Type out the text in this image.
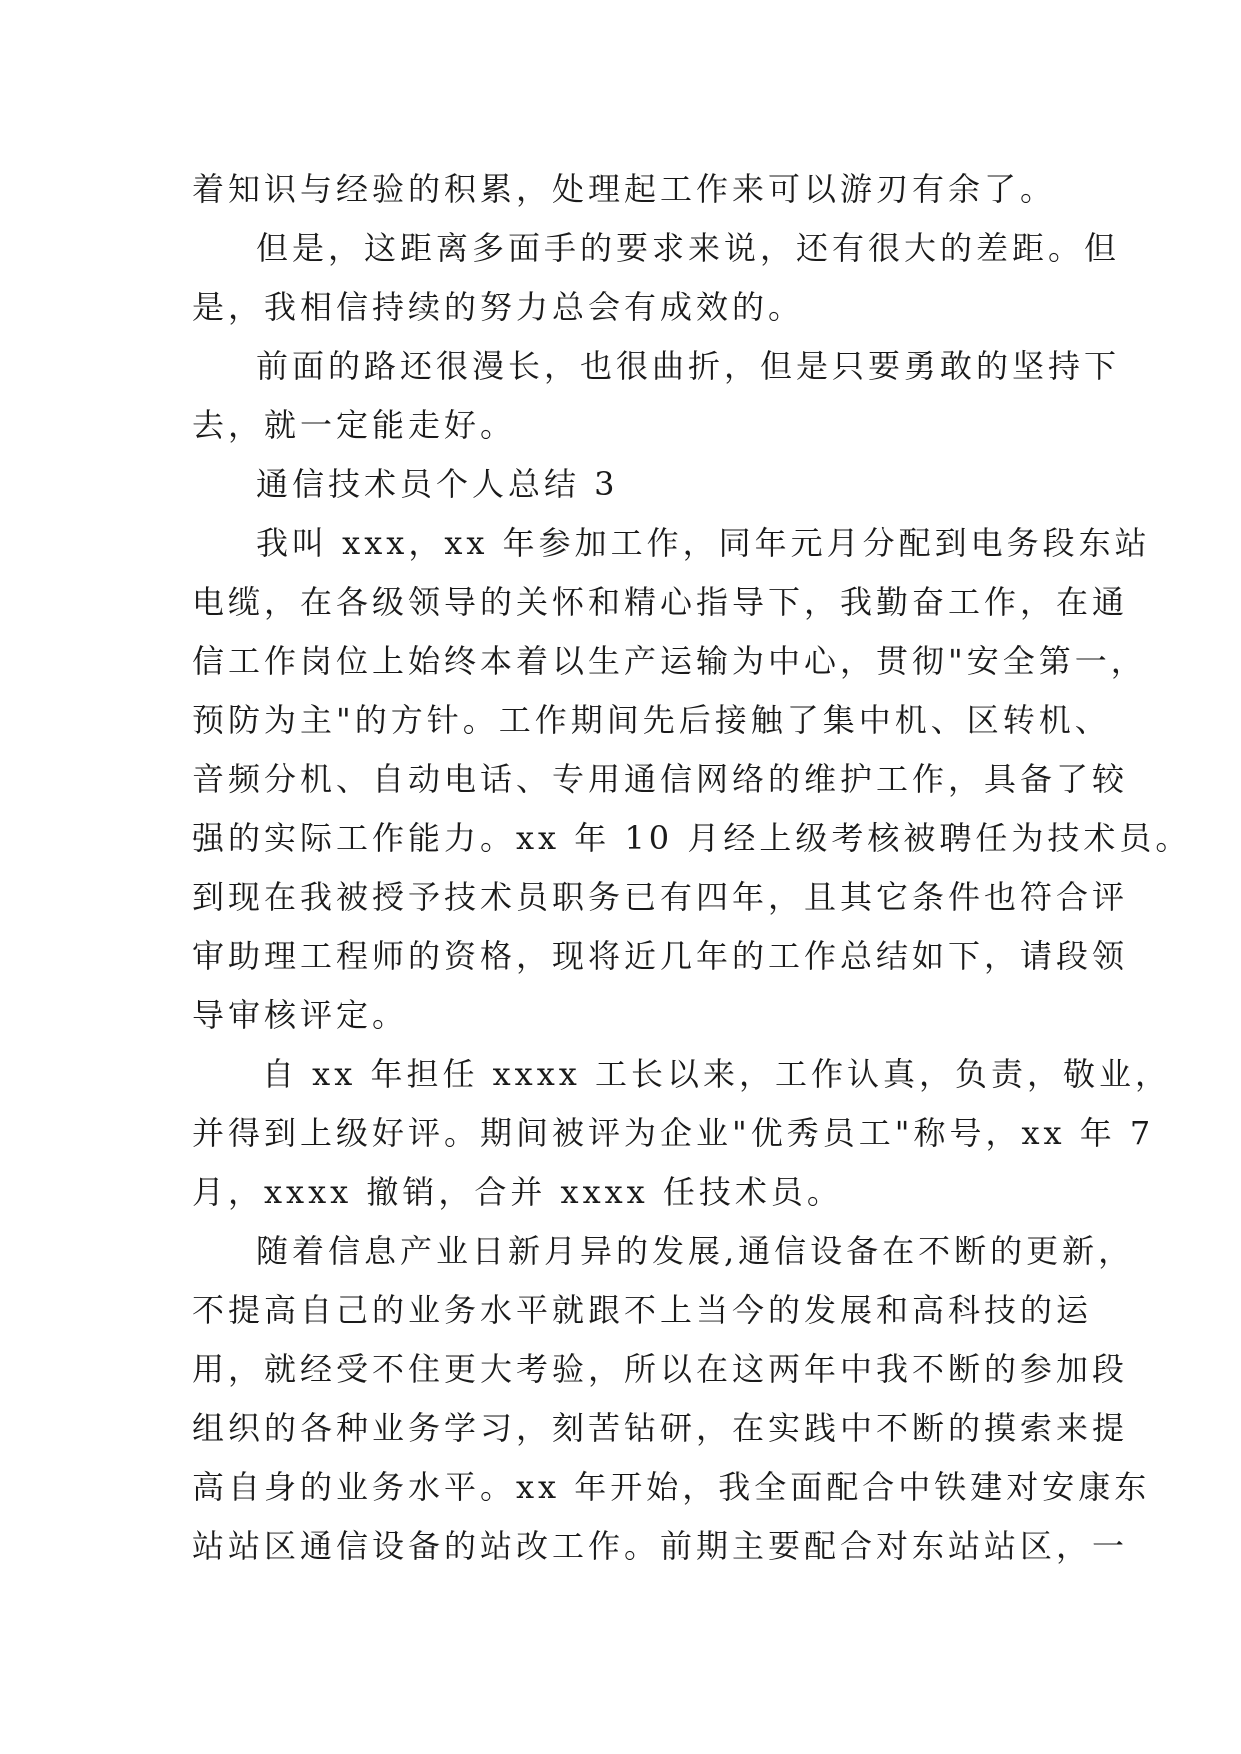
着知识与经验的积累，处理起工作来可以游刃有余了。
但是，这距离多面手的要求来说，还有很大的差距。但
是，我相信持续的努力总会有成效的。
前面的路还很漫长，也很曲折，但是只要勇敢的坚持下
去，就一定能走好。
通信技术员个人总结 3
我叫 xxx，xx 年参加工作，同年元月分配到电务段东站
电缆，在各级领导的关怀和精心指导下，我勤奋工作，在通
信工作岗位上始终本着以生产运输为中心，贯彻"安全第一，
预防为主"的方针。工作期间先后接触了集中机、区转机、
音频分机、自动电话、专用通信网络的维护工作，具备了较
强的实际工作能力。xx 年 10 月经上级考核被聘任为技术员。
到现在我被授予技术员职务已有四年，且其它条件也符合评
审助理工程师的资格，现将近几年的工作总结如下，请段领
导审核评定。
自 xx 年担任 xxxx 工长以来，工作认真，负责，敬业，
并得到上级好评。期间被评为企业"优秀员工"称号，xx 年 7
月，xxxx 撤销，合并 xxxx 任技术员。
随着信息产业日新月异的发展,通信设备在不断的更新，
不提高自己的业务水平就跟不上当今的发展和高科技的运
用，就经受不住更大考验，所以在这两年中我不断的参加段
组织的各种业务学习，刻苦钻研，在实践中不断的摸索来提
高自身的业务水平。xx 年开始，我全面配合中铁建对安康东
站站区通信设备的站改工作。前期主要配合对东站站区，一
